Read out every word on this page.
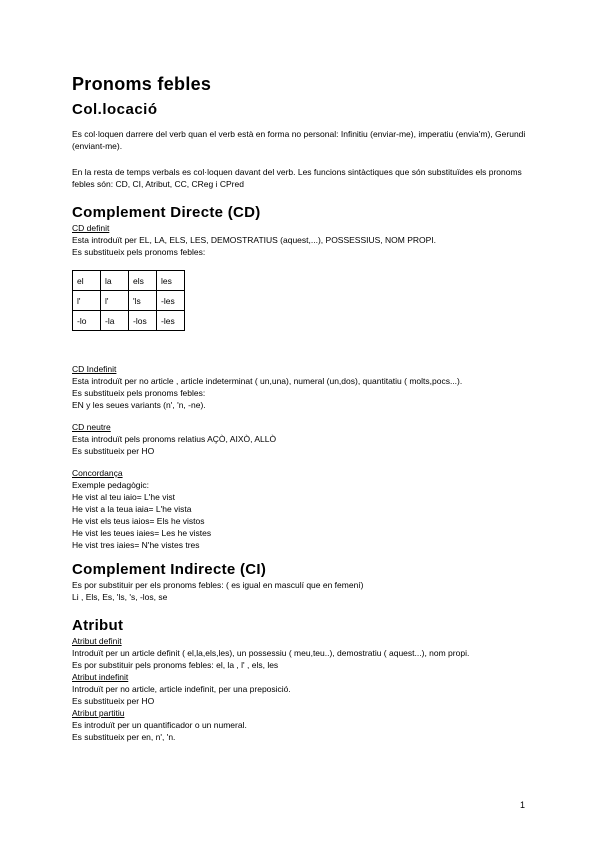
Pronoms febles
Col.locació

Es col·loquen darrere del verb quan el verb està en forma no personal: Infinitiu (enviar-me), imperatiu (envia'm), Gerundi (enviant-me).

En la resta de temps verbals es col·loquen davant del verb. Les funcions sintàctiques que són substituïdes els pronoms febles són: CD, CI, Atribut, CC, CReg i CPred

Complement Directe (CD)

CD definit

Esta introduït per EL, LA, ELS, LES, DEMOSTRATIUS (aquest,...), POSSESSIUS, NOM PROPI.

Es substitueix pels pronoms febles:

el	la	els	les
l'	l'	'ls	-les
-lo	-la	-los	-les

CD Indefinit

Esta introduït per no article , article indeterminat ( un,una), numeral (un,dos), quantitatiu ( molts,pocs...).

Es substitueix pels pronoms febles:

EN y les seues variants (n', 'n, -ne).

CD neutre

Esta introduït pels pronoms relatius AÇÒ, AIXÒ, ALLÒ

Es substitueix per HO

Concordança

Exemple pedagògic:

He vist al teu iaio= L'he vist

He vist a la teua iaia= L'he vista

He vist els teus iaios= Els he vistos

He vist les teues iaies= Les he vistes

He vist tres iaies= N'he vistes tres

Complement Indirecte (CI)

Es por substituir per els pronoms febles: ( es igual en masculí que en femení)

Li , Els, Es, 'ls, 's, -los, se

Atribut

Atribut definit

Introduït per un article definit ( el,la,els,les), un possessiu ( meu,teu..), demostratiu ( aquest...), nom propi.

Es por substituir pels pronoms febles: el, la , l' , els, les

Atribut indefinit

Introduït per no article, article indefinit, per una preposició.

Es substitueix per HO

Atribut partitiu

Es introduït per un quantificador o un numeral.

Es substitueix per en, n', 'n.

1
